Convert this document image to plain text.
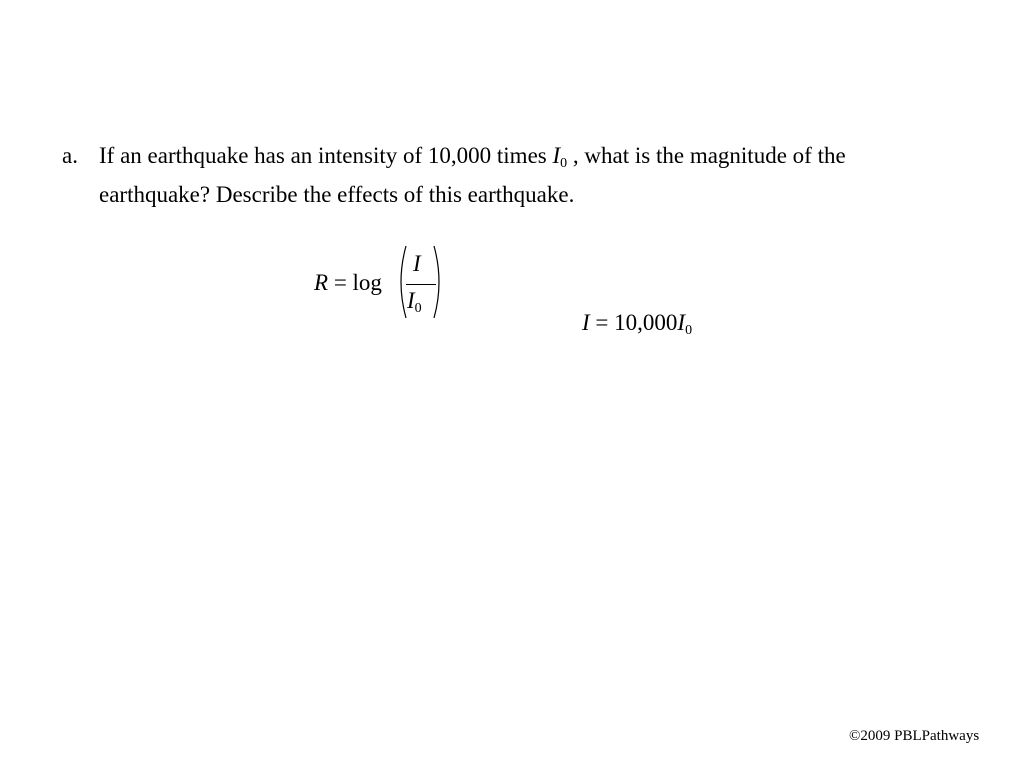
a. If an earthquake has an intensity of 10,000 times $I_0$ , what is the magnitude of the
earthquake? Describe the effects of this earthquake.
R = log
I
$I_0$
$I = 10,000I_0$
©2009 PBLPathways
